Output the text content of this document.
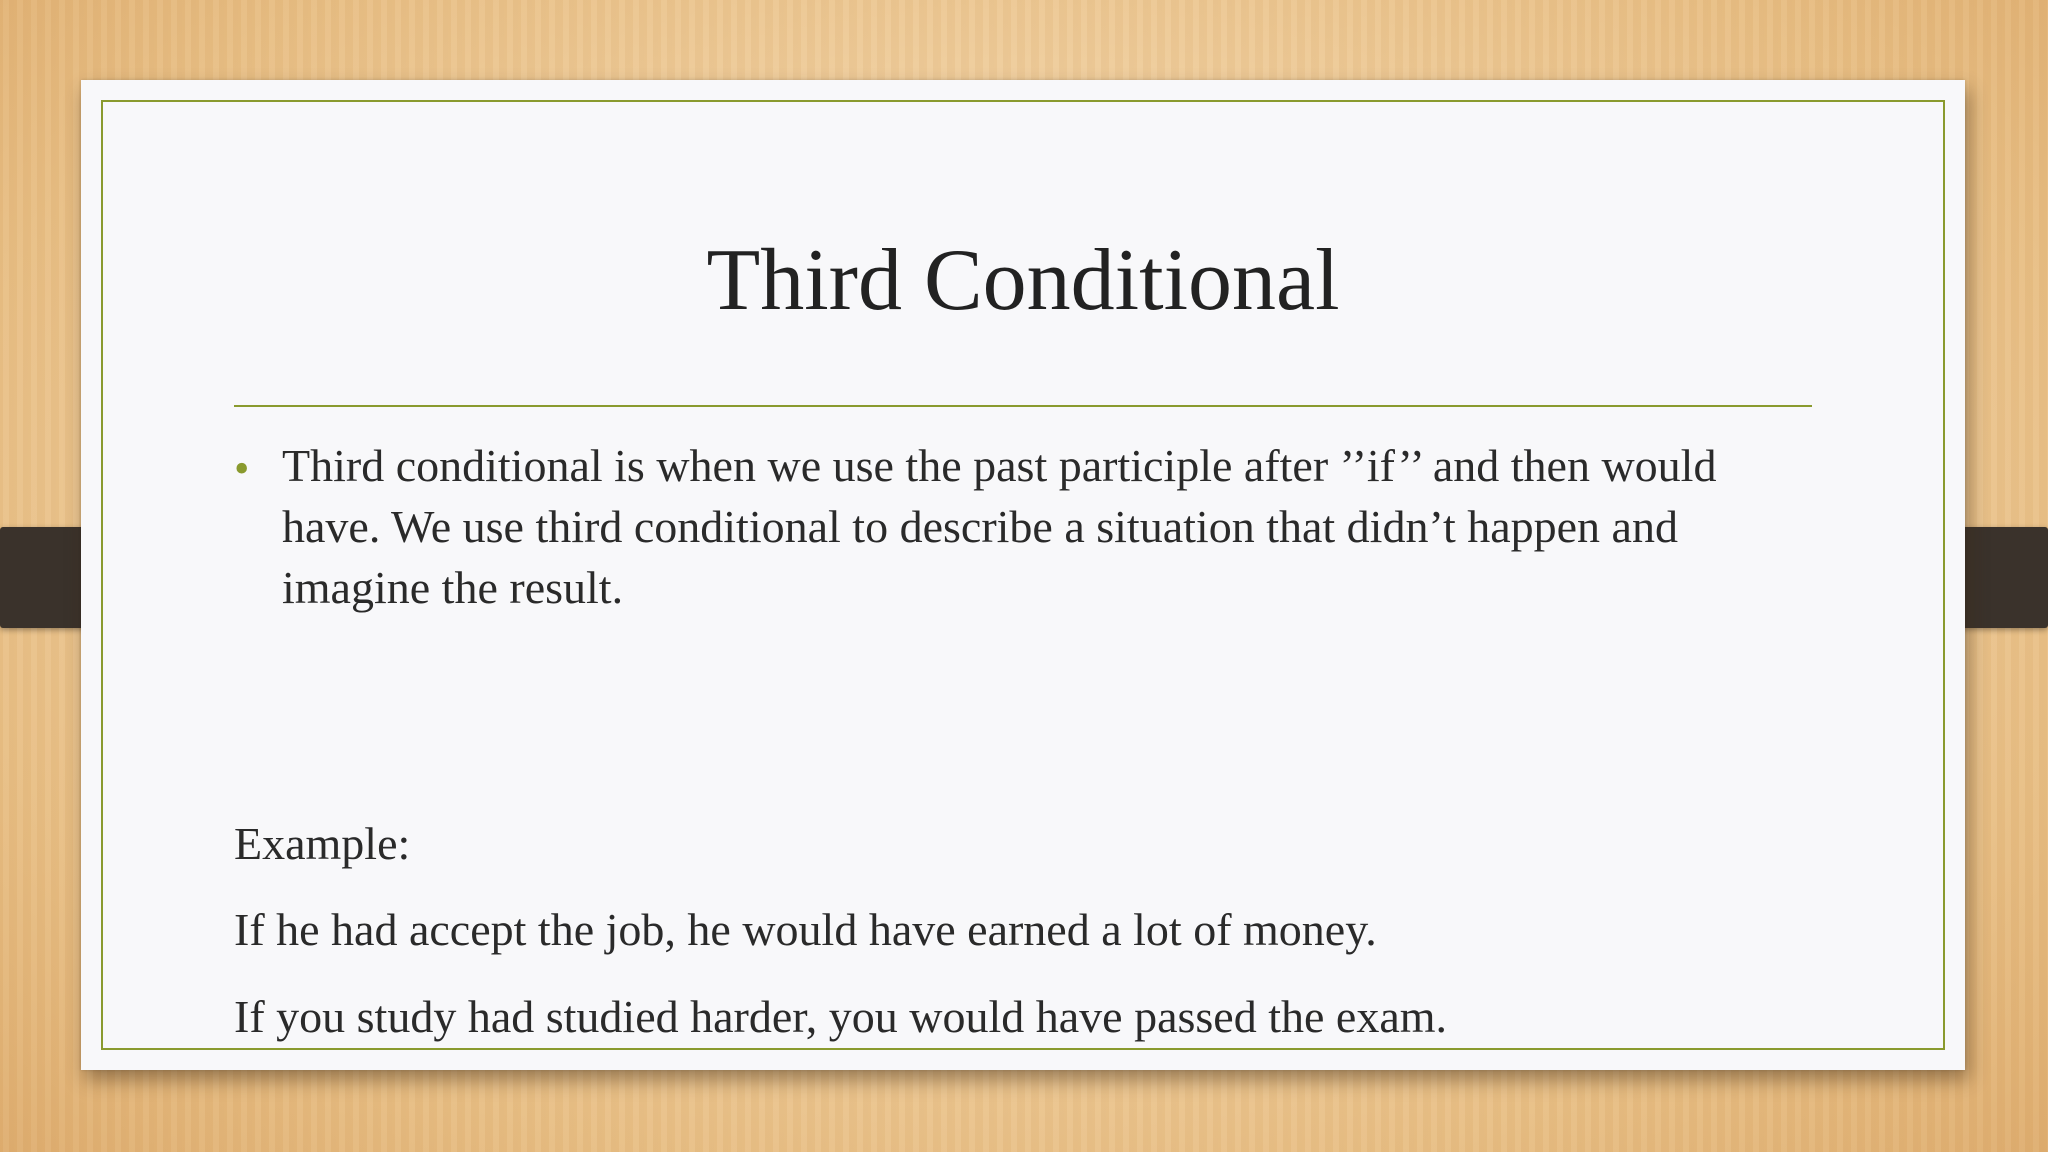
Third Conditional
• Third conditional is when we use the past participle after ’’if’’ and then would have. We use third conditional to describe a situation that didn’t happen and imagine the result.
Example:
If he had accept the job, he would have earned a lot of money.
If you study had studied harder, you would have passed the exam.
